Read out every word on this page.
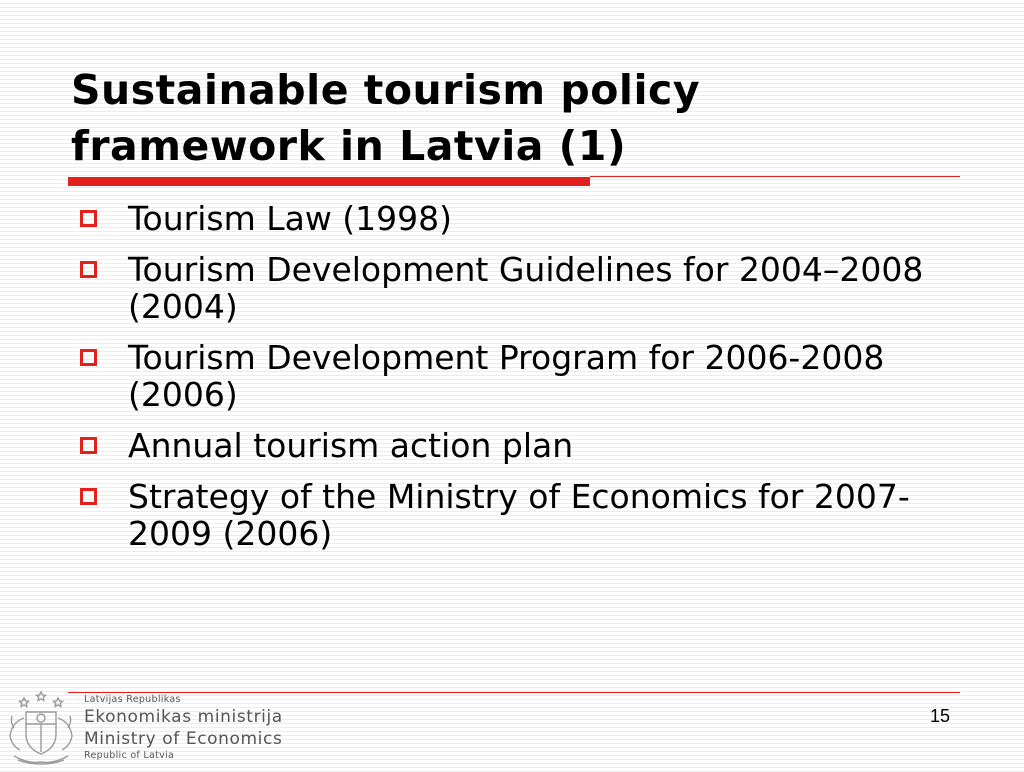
Sustainable tourism policy framework in Latvia (1)
Tourism Law (1998)
Tourism Development Guidelines for 2004–2008 (2004)
Tourism Development Program for 2006-2008 (2006)
Annual tourism action plan
Strategy of the Ministry of Economics for 2007-2009 (2006)
Latvijas Republikas
Ekonomikas ministrija
Ministry of Economics
Republic of Latvia
15
